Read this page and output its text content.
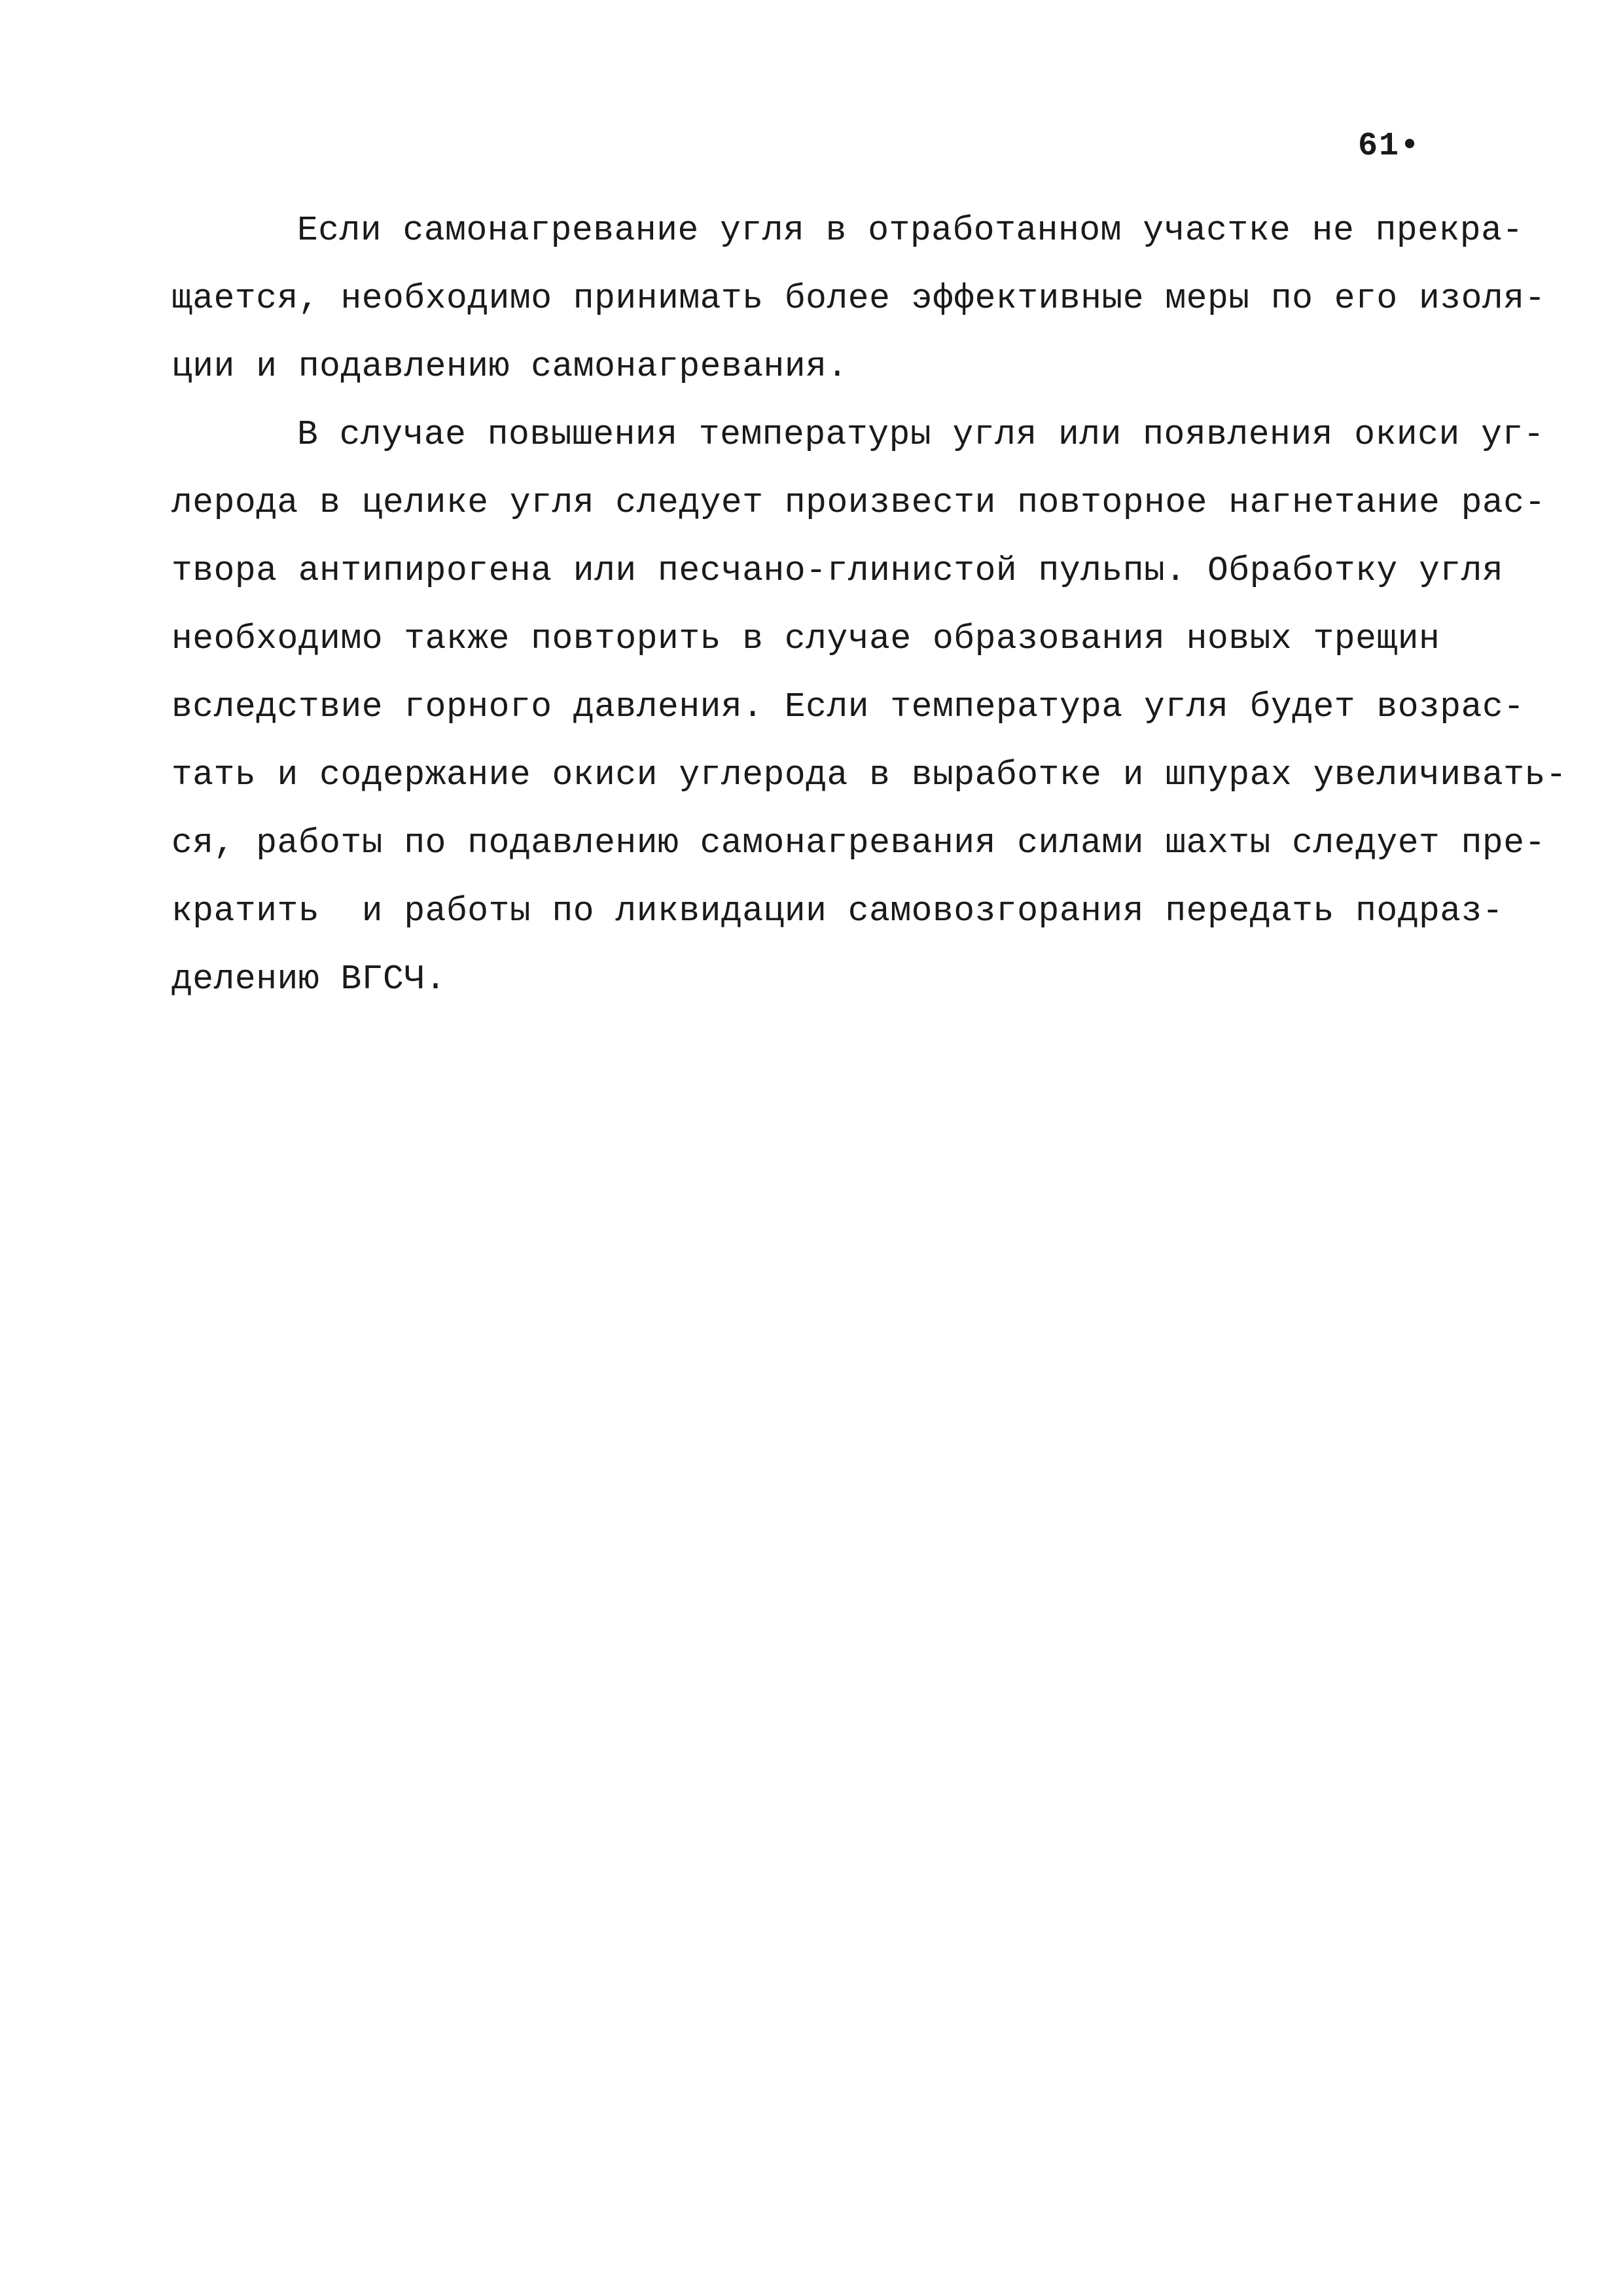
61•
Если самонагревание угля в отработанном участке не прекра-
щается, необходимо принимать более эффективные меры по его изоля-
ции и подавлению самонагревания.
В случае повышения температуры угля или появления окиси уг-
лерода в целике угля следует произвести повторное нагнетание рас-
твора антипирогена или песчано-глинистой пульпы. Обработку угля
необходимо также повторить в случае образования новых трещин
вследствие горного давления. Если температура угля будет возрас-
тать и содержание окиси углерода в выработке и шпурах увеличивать-
ся, работы по подавлению самонагревания силами шахты следует пре-
кратить  и работы по ликвидации самовозгорания передать подраз-
делению ВГСЧ.
